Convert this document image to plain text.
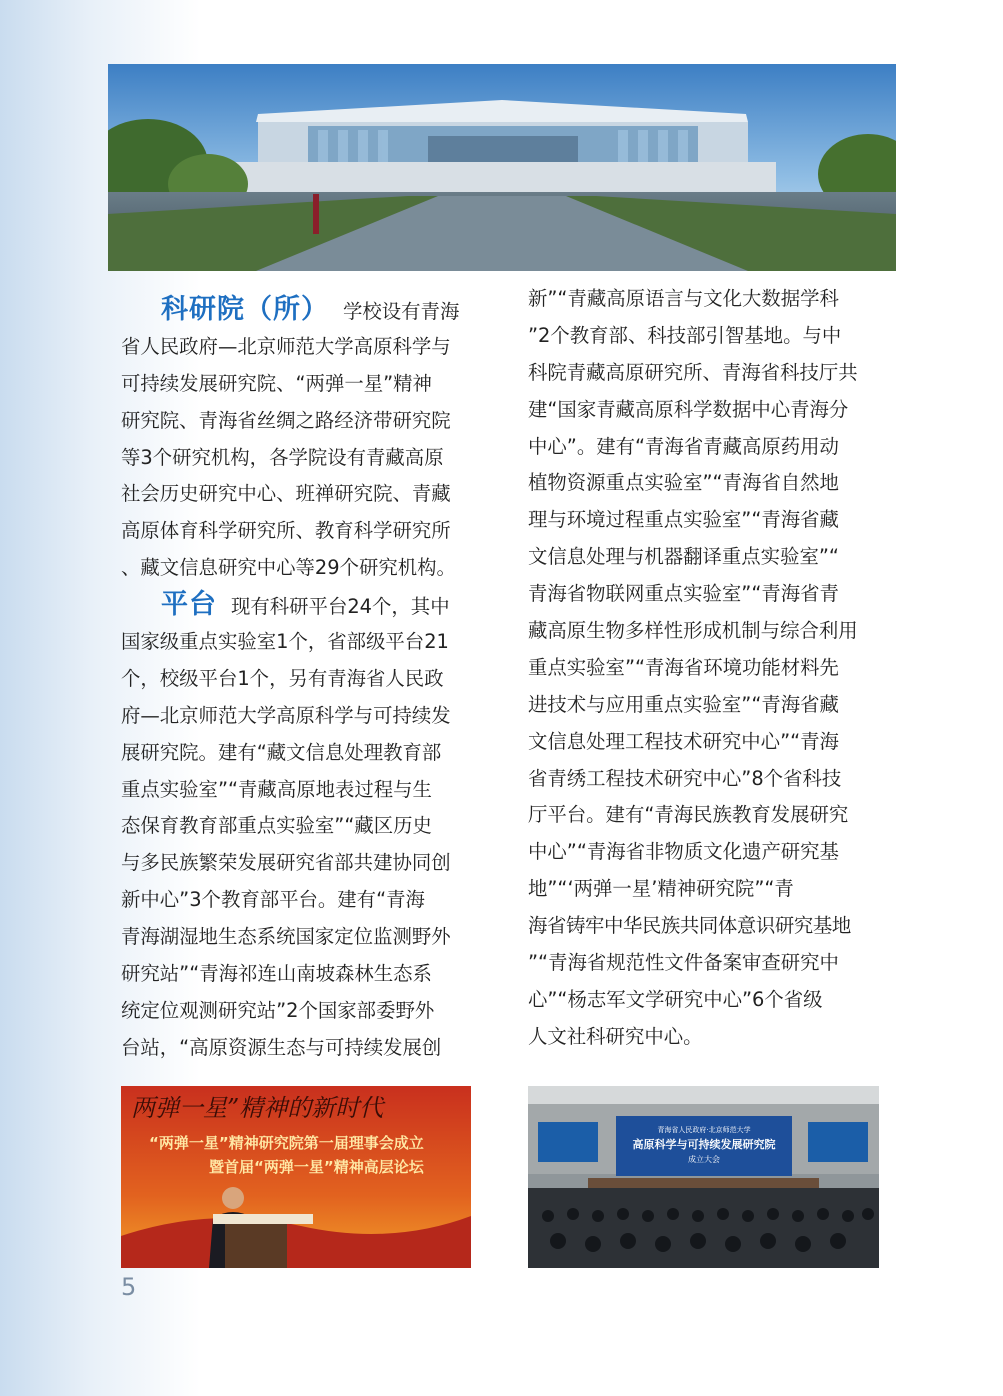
科研院（所） 学校设有青海
省人民政府—北京师范大学高原科学与
可持续发展研究院、“两弹一星”精神
研究院、青海省丝绸之路经济带研究院
等3个研究机构，各学院设有青藏高原
社会历史研究中心、班禅研究院、青藏
高原体育科学研究所、教育科学研究所
、藏文信息研究中心等29个研究机构。
平台 现有科研平台24个，其中
国家级重点实验室1个，省部级平台21
个，校级平台1个，另有青海省人民政
府—北京师范大学高原科学与可持续发
展研究院。建有“藏文信息处理教育部
重点实验室”“青藏高原地表过程与生
态保育教育部重点实验室”“藏区历史
与多民族繁荣发展研究省部共建协同创
新中心”3个教育部平台。建有“青海
青海湖湿地生态系统国家定位监测野外
研究站”“青海祁连山南坡森林生态系
统定位观测研究站”2个国家部委野外
台站，“高原资源生态与可持续发展创
新”“青藏高原语言与文化大数据学科
”2个教育部、科技部引智基地。与中
科院青藏高原研究所、青海省科技厅共
建“国家青藏高原科学数据中心青海分
中心”。建有“青海省青藏高原药用动
植物资源重点实验室”“青海省自然地
理与环境过程重点实验室”“青海省藏
文信息处理与机器翻译重点实验室”“
青海省物联网重点实验室”“青海省青
藏高原生物多样性形成机制与综合利用
重点实验室”“青海省环境功能材料先
进技术与应用重点实验室”“青海省藏
文信息处理工程技术研究中心”“青海
省青绣工程技术研究中心”8个省科技
厅平台。建有“青海民族教育发展研究
中心”“青海省非物质文化遗产研究基
地”“‘两弹一星’精神研究院”“青
海省铸牢中华民族共同体意识研究基地
”“青海省规范性文件备案审查研究中
心”“杨志军文学研究中心”6个省级
人文社科研究中心。
两弹一星”精神的新时代
“两弹一星”精神研究院第一届理事会成立
暨首届“两弹一星”精神高层论坛
青海省人民政府·北京师范大学
高原科学与可持续发展研究院
成立大会
5
